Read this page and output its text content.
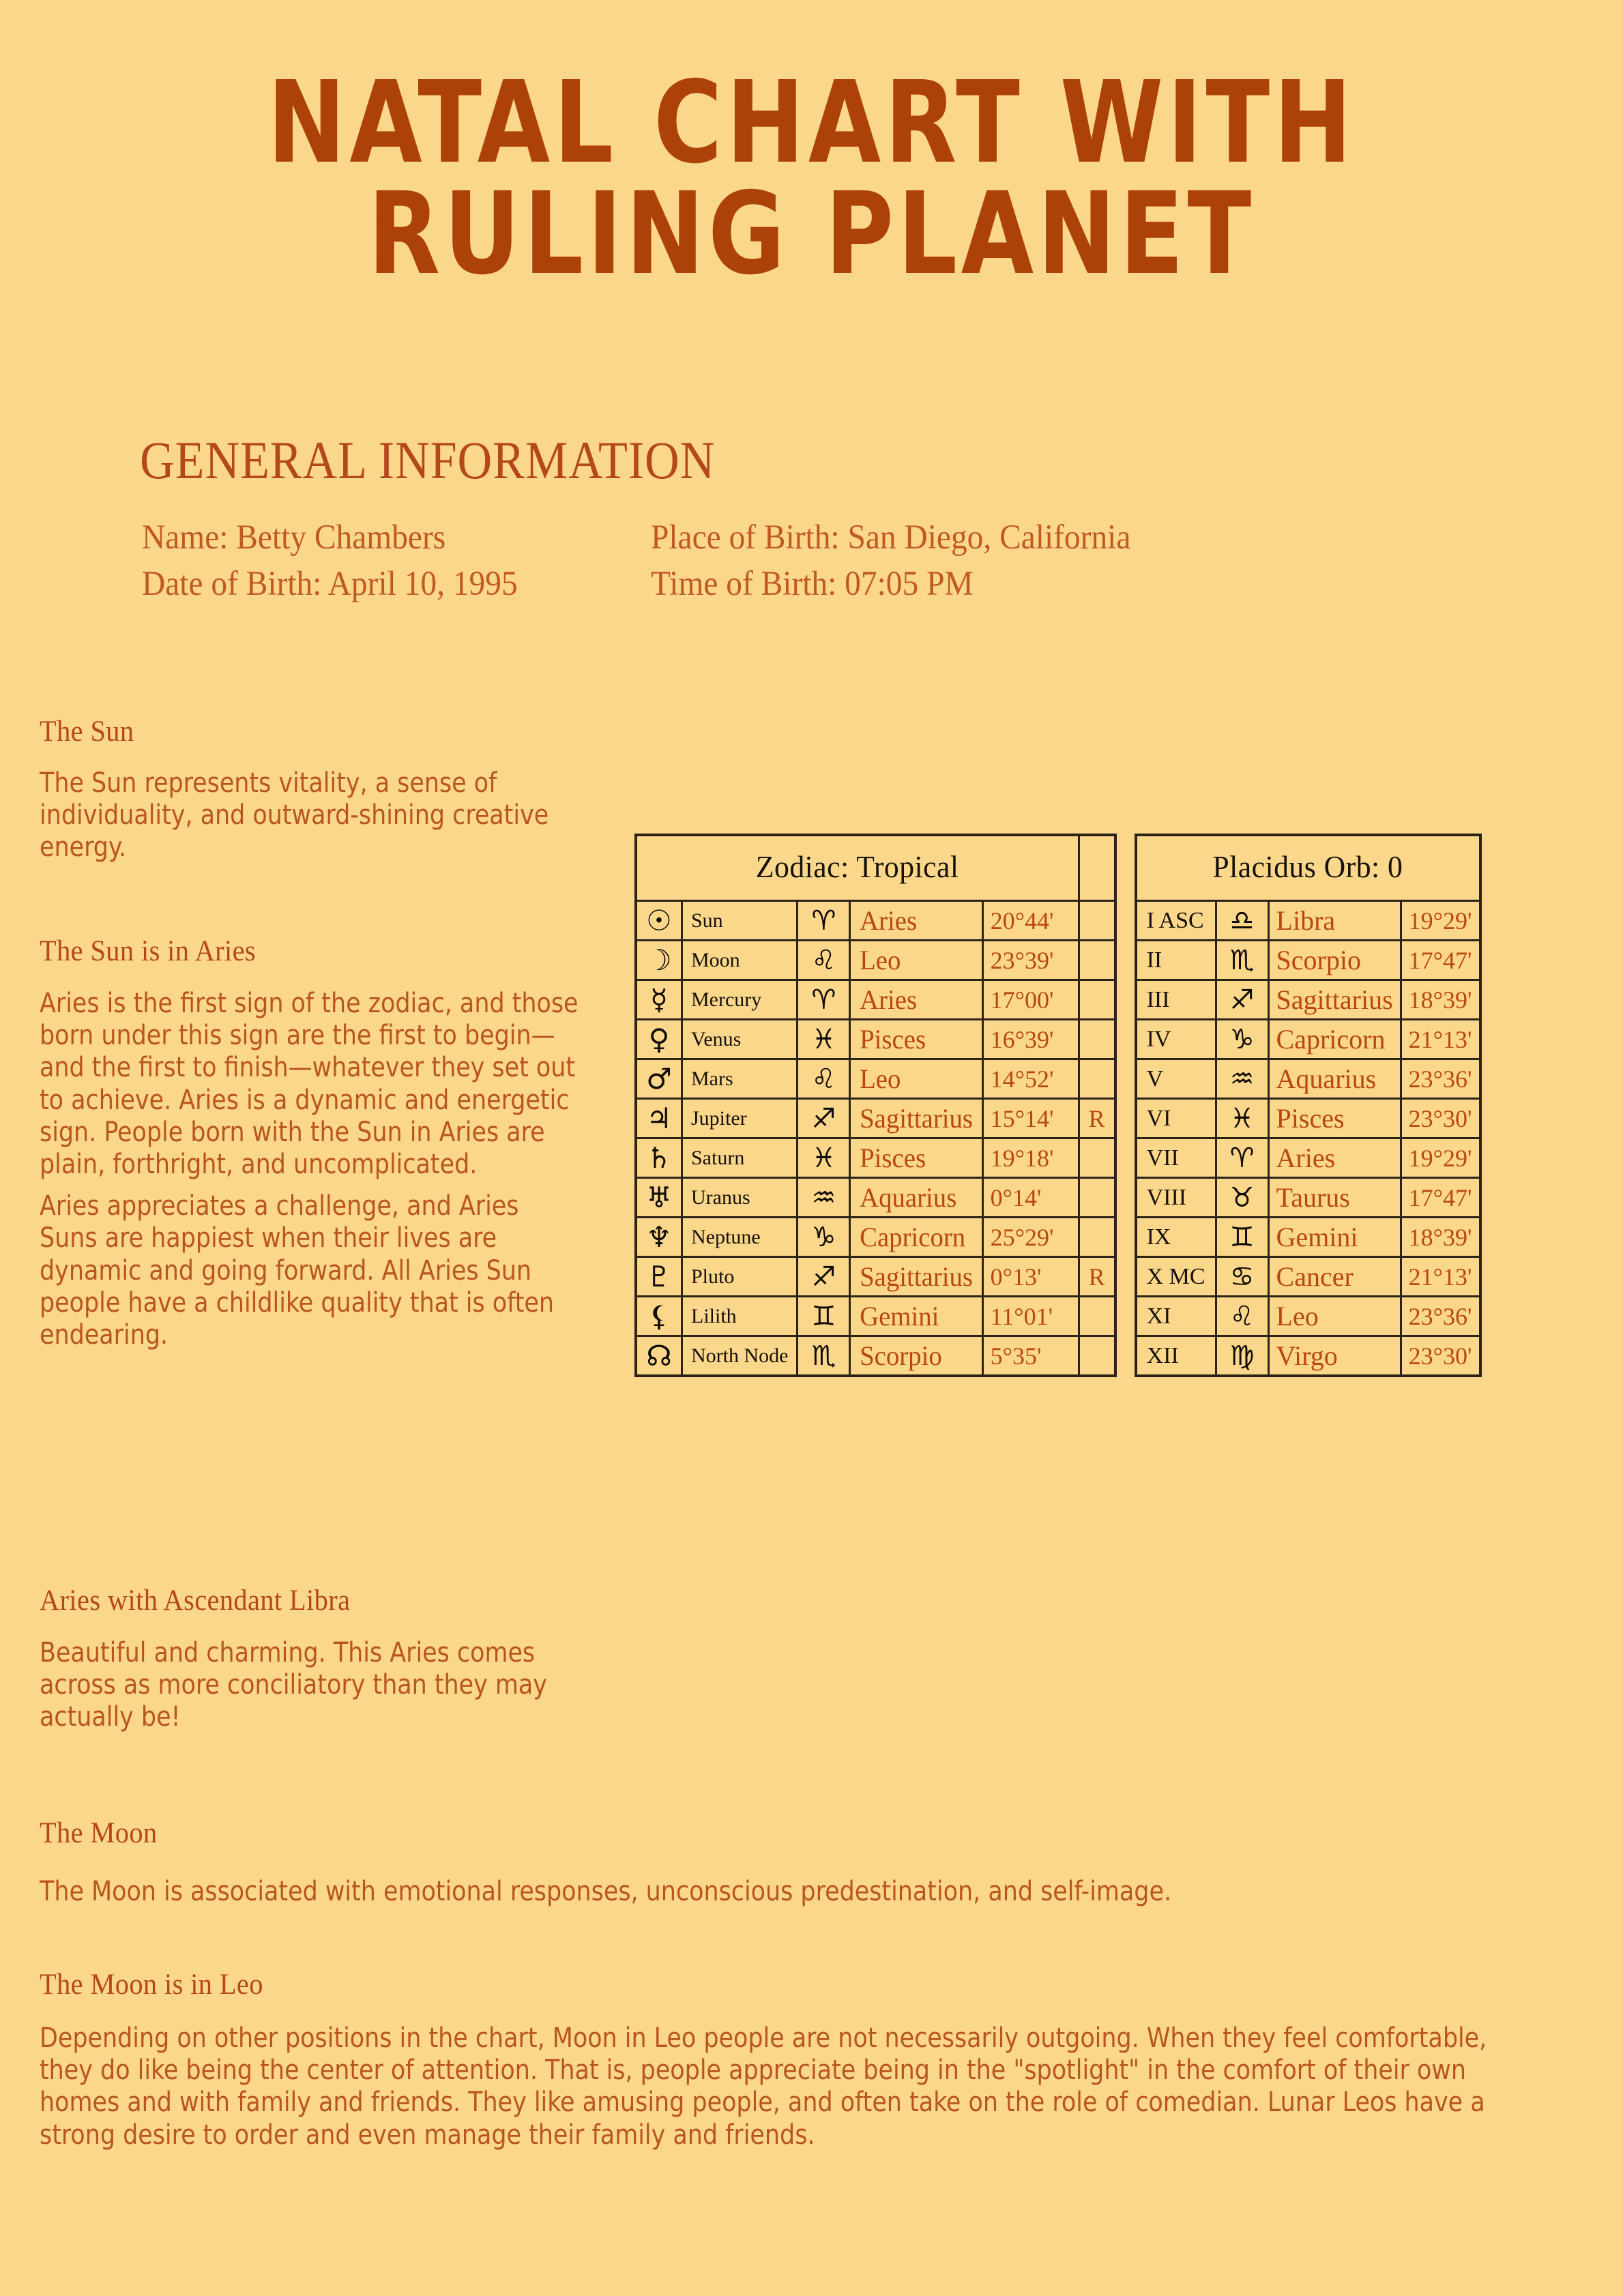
NATAL CHART WITH
RULING PLANET
GENERAL INFORMATION
Name: Betty Chambers	Place of Birth: San Diego, California
Date of Birth: April 10, 1995	Time of Birth: 07:05 PM
The Sun
The Sun represents vitality, a sense of individuality, and outward-shining creative energy.
The Sun is in Aries
Aries is the first sign of the zodiac, and those born under this sign are the first to begin—and the first to finish—whatever they set out to achieve. Aries is a dynamic and energetic sign. People born with the Sun in Aries are plain, forthright, and uncomplicated.
Aries appreciates a challenge, and Aries Suns are happiest when their lives are dynamic and going forward. All Aries Sun people have a childlike quality that is often endearing.
Aries with Ascendant Libra
Beautiful and charming. This Aries comes across as more conciliatory than they may actually be!
The Moon
The Moon is associated with emotional responses, unconscious predestination, and self-image.
The Moon is in Leo
Depending on other positions in the chart, Moon in Leo people are not necessarily outgoing. When they feel comfortable, they do like being the center of attention. That is, people appreciate being in the "spotlight" in the comfort of their own homes and with family and friends. They like amusing people, and often take on the role of comedian. Lunar Leos have a strong desire to order and even manage their family and friends.
Zodiac: Tropical					
☉	Sun	♈	Aries	20°44'	
☽	Moon	♌	Leo	23°39'	
☿	Mercury	♈	Aries	17°00'	
♀	Venus	♓	Pisces	16°39'	
♂	Mars	♌	Leo	14°52'	
♃	Jupiter	♐	Sagittarius	15°14'	R
♄	Saturn	♓	Pisces	19°18'	
♅	Uranus	♒	Aquarius	0°14'	
♆	Neptune	♑	Capricorn	25°29'	
♇	Pluto	♐	Sagittarius	0°13'	R
⚸	Lilith	♊	Gemini	11°01'	
☊	North Node	♏	Scorpio	5°35'	
Placidus Orb: 0			
I ASC	♎	Libra	19°29'
II	♏	Scorpio	17°47'
III	♐	Sagittarius	18°39'
IV	♑	Capricorn	21°13'
V	♒	Aquarius	23°36'
VI	♓	Pisces	23°30'
VII	♈	Aries	19°29'
VIII	♉	Taurus	17°47'
IX	♊	Gemini	18°39'
X MC	♋	Cancer	21°13'
XI	♌	Leo	23°36'
XII	♍	Virgo	23°30'
